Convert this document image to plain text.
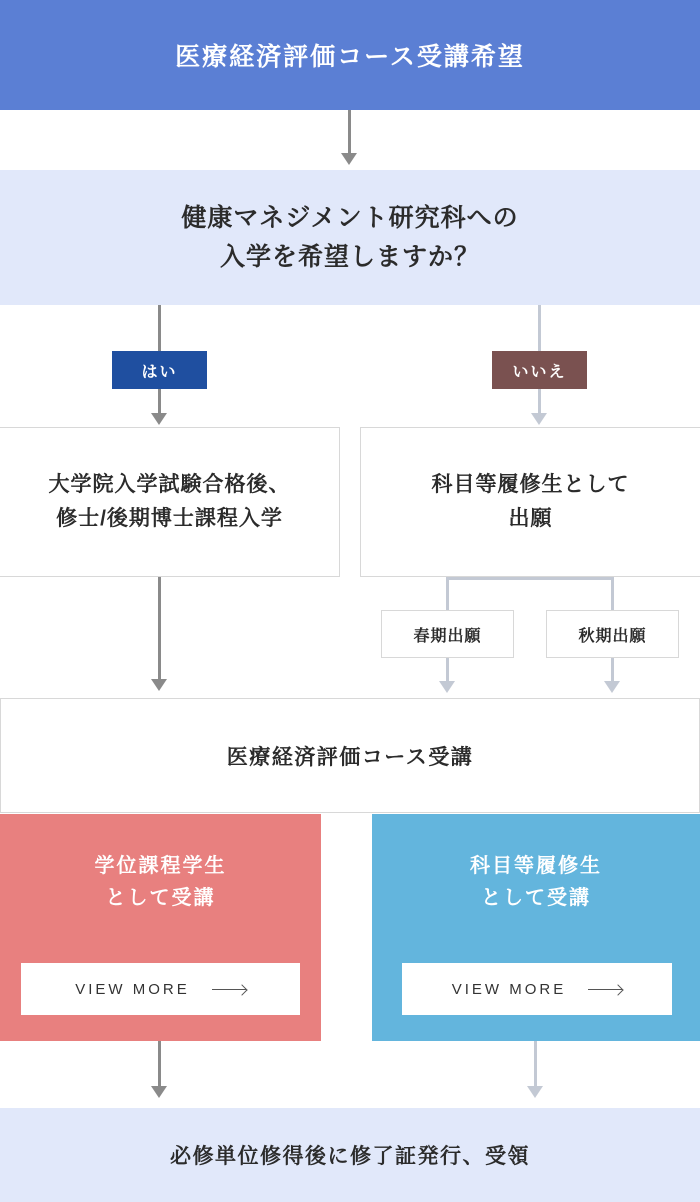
医療経済評価コース受講希望
健康マネジメント研究科への
入学を希望しますか？
はい	いいえ
大学院入学試験合格後、
修士/後期博士課程入学
科目等履修生として
出願
春期出願	秋期出願
医療経済評価コース受講
学位課程学生
として受講
VIEW MORE
科目等履修生
として受講
VIEW MORE
必修単位修得後に修了証発行、受領
